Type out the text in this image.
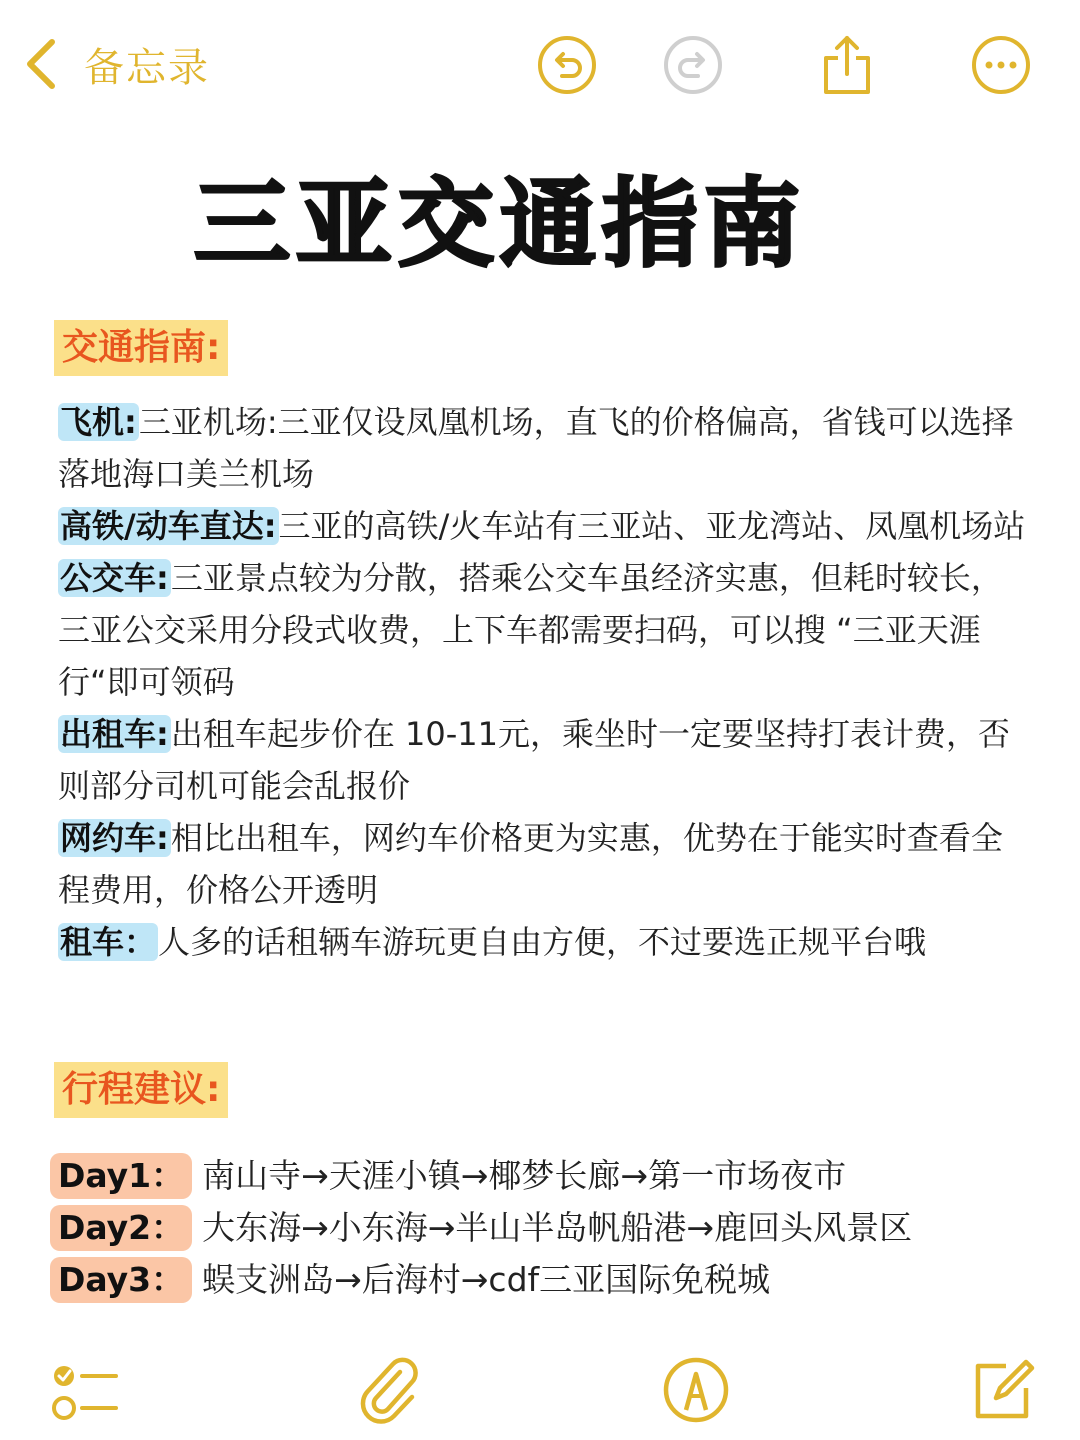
备忘录
三亚交通指南
交通指南:

飞机:三亚机场:三亚仅设凤凰机场，直飞的价格偏高，省钱可以选择落地海口美兰机场

高铁/动车直达:三亚的高铁/火车站有三亚站、亚龙湾站、凤凰机场站

公交车:三亚景点较为分散，搭乘公交车虽经济实惠，但耗时较长，三亚公交采用分段式收费，上下车都需要扫码，可以搜 “三亚天涯行“即可领码

出租车:出租车起步价在 10-11元，乘坐时一定要坚持打表计费，否则部分司机可能会乱报价

网约车:相比出租车，网约车价格更为实惠，优势在于能实时查看全程费用，价格公开透明

租车：人多的话租辆车游玩更自由方便，不过要选正规平台哦

行程建议:

Day1： 南山寺→天涯小镇→椰梦长廊→第一市场夜市

Day2： 大东海→小东海→半山半岛帆船港→鹿回头风景区

Day3： 蜈支洲岛→后海村→cdf三亚国际免税城
